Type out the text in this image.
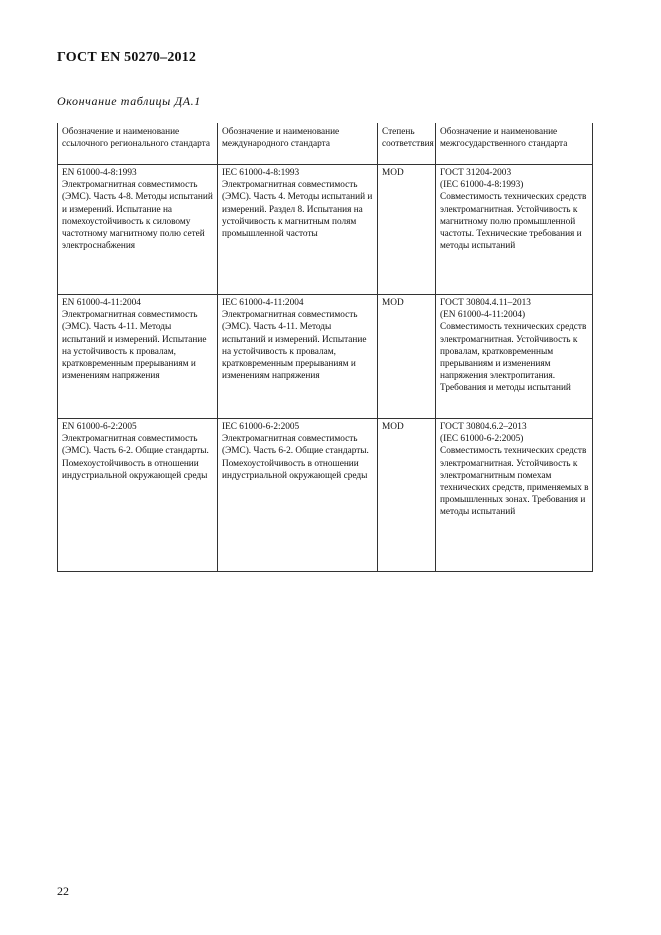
ГОСТ EN 50270–2012
Окончание таблицы ДА.1
Обозначение и наименование ссылочного регионального стандарта	Обозначение и наименование международного стандарта	Степень соответствия	Обозначение и наименование межгосударственного стандарта
EN 61000-4-8:1993
Электромагнитная совместимость (ЭМС). Часть 4-8. Методы испытаний и измерений. Испытание на помехоустойчивость к силовому частотному магнитному полю сетей электроснабжения	IEC 61000-4-8:1993
Электромагнитная совместимость (ЭМС). Часть 4. Методы испытаний и измерений. Раздел 8. Испытания на устойчивость к магнитным полям промышленной частоты	MOD	ГОСТ 31204-2003
(IEC 61000-4-8:1993)
Совместимость технических средств электромагнитная. Устойчивость к магнитному полю промышленной частоты. Технические требования и методы испытаний
EN 61000-4-11:2004
Электромагнитная совместимость (ЭМС). Часть 4-11. Методы испытаний и измерений. Испытание на устойчивость к провалам, кратковременным прерываниям и изменениям напряжения	IEC 61000-4-11:2004
Электромагнитная совместимость (ЭМС). Часть 4-11. Методы испытаний и измерений. Испытание на устойчивость к провалам, кратковременным прерываниям и изменениям напряжения	MOD	ГОСТ 30804.4.11–2013
(EN 61000-4-11:2004)
Совместимость технических средств электромагнитная. Устойчивость к провалам, кратковременным прерываниям и изменениям напряжения электропитания. Требования и методы испытаний
EN 61000-6-2:2005
Электромагнитная совместимость (ЭМС). Часть 6-2. Общие стандарты. Помехоустойчивость в отношении индустриальной окружающей среды	IEC 61000-6-2:2005
Электромагнитная совместимость (ЭМС). Часть 6-2. Общие стандарты. Помехоустойчивость в отношении индустриальной окружающей среды	MOD	ГОСТ 30804.6.2–2013
(IEC 61000-6-2:2005)
Совместимость технических средств электромагнитная. Устойчивость к электромагнитным помехам технических средств, применяемых в промышленных зонах. Требования и методы испытаний
22
